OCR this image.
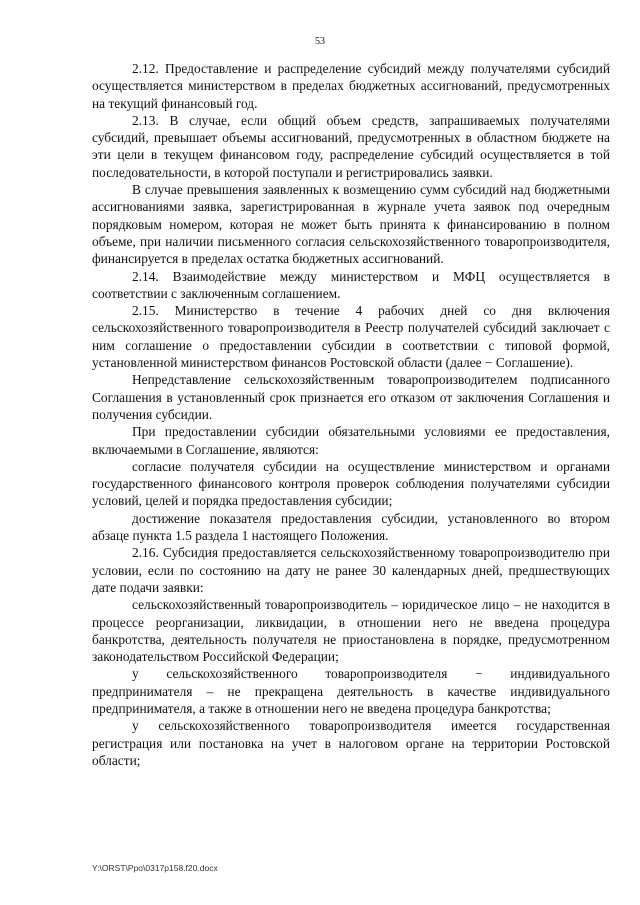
53

2.12. Предоставление и распределение субсидий между получателями субсидий осуществляется министерством в пределах бюджетных ассигнований, предусмотренных на текущий финансовый год.

2.13. В случае, если общий объем средств, запрашиваемых получателями субсидий, превышает объемы ассигнований, предусмотренных в областном бюджете на эти цели в текущем финансовом году, распределение субсидий осуществляется в той последовательности, в которой поступали и регистрировались заявки.

В случае превышения заявленных к возмещению сумм субсидий над бюджетными ассигнованиями заявка, зарегистрированная в журнале учета заявок под очередным порядковым номером, которая не может быть принята к финансированию в полном объеме, при наличии письменного согласия сельскохозяйственного товаропроизводителя, финансируется в пределах остатка бюджетных ассигнований.

2.14. Взаимодействие между министерством и МФЦ осуществляется в соответствии с заключенным соглашением.

2.15. Министерство в течение 4 рабочих дней со дня включения сельскохозяйственного товаропроизводителя в Реестр получателей субсидий заключает с ним соглашение о предоставлении субсидии в соответствии с типовой формой, установленной министерством финансов Ростовской области (далее − Соглашение).

Непредставление сельскохозяйственным товаропроизводителем подписанного Соглашения в установленный срок признается его отказом от заключения Соглашения и получения субсидии.

При предоставлении субсидии обязательными условиями ее предоставления, включаемыми в Соглашение, являются:

согласие получателя субсидии на осуществление министерством и органами государственного финансового контроля проверок соблюдения получателями субсидии условий, целей и порядка предоставления субсидии;

достижение показателя предоставления субсидии, установленного во втором абзаце пункта 1.5 раздела 1 настоящего Положения.

2.16. Субсидия предоставляется сельскохозяйственному товаропроизводителю при условии, если по состоянию на дату не ранее 30 календарных дней, предшествующих дате подачи заявки:

сельскохозяйственный товаропроизводитель – юридическое лицо – не находится в процессе реорганизации, ликвидации, в отношении него не введена процедура банкротства, деятельность получателя не приостановлена в порядке, предусмотренном законодательством Российской Федерации;

у сельскохозяйственного товаропроизводителя − индивидуального предпринимателя – не прекращена деятельность в качестве индивидуального предпринимателя, а также в отношении него не введена процедура банкротства;

у сельскохозяйственного товаропроизводителя имеется государственная регистрация или постановка на учет в налоговом органе на территории Ростовской области;

Y:\ORST\Ppo\0317p158.f20.docx
